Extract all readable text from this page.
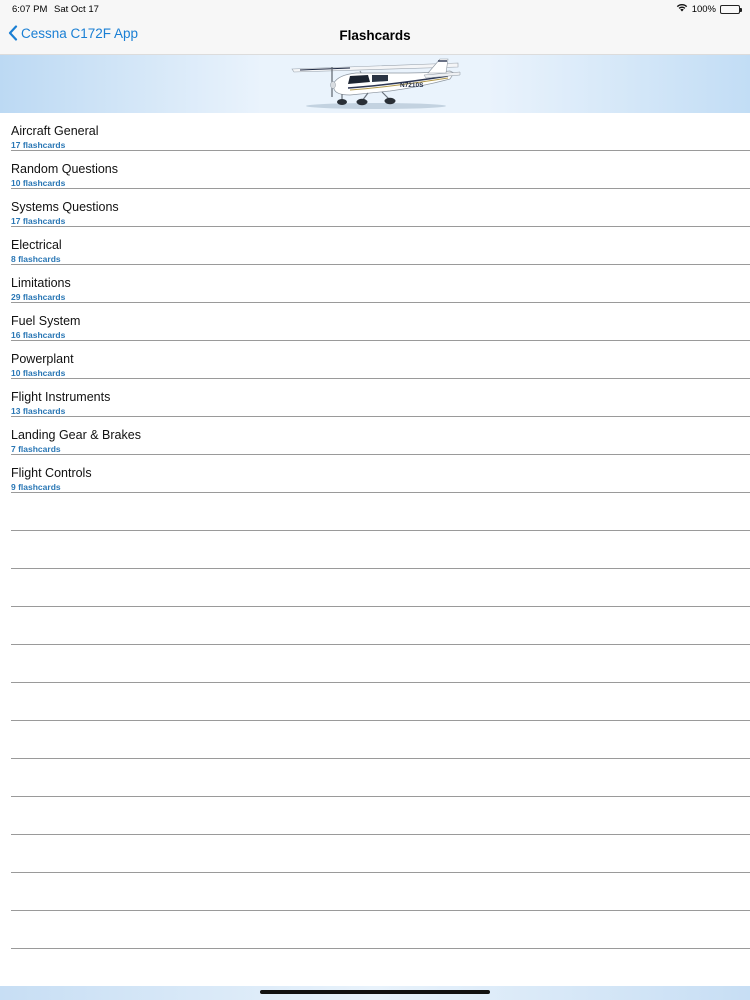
6:07 PM Sat Oct 17	100%
Cessna C172F App	Flashcards
N7210S
Aircraft General
17 flashcards
Random Questions
10 flashcards
Systems Questions
17 flashcards
Electrical
8 flashcards
Limitations
29 flashcards
Fuel System
16 flashcards
Powerplant
10 flashcards
Flight Instruments
13 flashcards
Landing Gear & Brakes
7 flashcards
Flight Controls
9 flashcards
